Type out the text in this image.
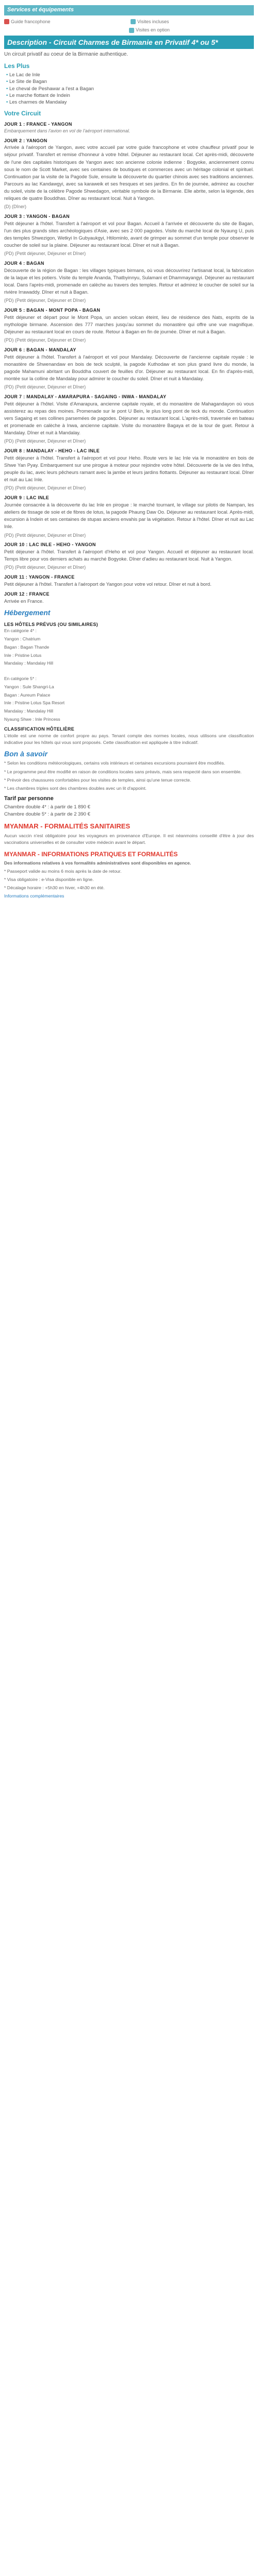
Services et équipements
Guide francophone	Visites incluses
Visites en option
Description - Circuit Charmes de Birmanie en Privatif 4* ou 5*
Un circuit privatif au coeur de la Birmanie authentique.
Les Plus
• Le Lac de Inle
• Le Site de Bagan
• Le cheval de Peshawar a l'est a Bagan
• Le marche flottant de Indein
• Les charmes de Mandalay
Votre Circuit
JOUR 1 : FRANCE - YANGON
Embarquement dans l'avion en vol de l'aéroport international.
JOUR 2 : YANGON

Arrivée à l'aéroport de Yangon, avec votre accueil par votre guide francophone et votre chauffeur privatif pour le séjour privatif. Transfert et remise d'honneur à votre hôtel. Déjeuner au restaurant local. Cet après-midi, découverte de l'une des capitales historiques de Yangon avec son ancienne colonie indienne : Bogyoke, anciennement connu sous le nom de Scott Market, avec ses centaines de boutiques et commerces avec un héritage colonial et spirituel. Continuation par la visite de la Pagode Sule, ensuite la découverte du quartier chinois avec ses traditions anciennes. Parcours au lac Kandawgyi, avec sa karaweik et ses fresques et ses jardins. En fin de journée, admirez au coucher du soleil, visite de la célèbre Pagode Shwedagon, véritable symbole de la Birmanie. Elle abrite, selon la légende, des reliques de quatre Bouddhas. Dîner au restaurant local. Nuit à Yangon.

(D) (Dîner)
JOUR 3 : YANGON - BAGAN

Petit déjeuner à l'hôtel. Transfert à l'aéroport et vol pour Bagan. Accueil à l'arrivée et découverte du site de Bagan, l'un des plus grands sites archéologiques d'Asie, avec ses 2 000 pagodes. Visite du marché local de Nyaung U, puis des temples Shwezigon, Wetkyi In Gubyaukgyi, Htilominlo, avant de grimper au sommet d'un temple pour observer le coucher de soleil sur la plaine. Déjeuner au restaurant local. Dîner et nuit à Bagan.

(PD) (Petit déjeuner, Déjeuner et Dîner)
JOUR 4 : BAGAN

Découverte de la région de Bagan : les villages typiques birmans, où vous découvrirez l'artisanat local, la fabrication de la laque et les potiers. Visite du temple Ananda, Thatbyinnyu, Sulamani et Dhammayangyi. Déjeuner au restaurant local. Dans l'après-midi, promenade en calèche au travers des temples. Retour et admirez le coucher de soleil sur la rivière Irrawaddy. Dîner et nuit à Bagan.

(PD) (Petit déjeuner, Déjeuner et Dîner)
JOUR 5 : BAGAN - MONT POPA - BAGAN

Petit déjeuner et départ pour le Mont Popa, un ancien volcan éteint, lieu de résidence des Nats, esprits de la mythologie birmane. Ascension des 777 marches jusqu'au sommet du monastère qui offre une vue magnifique. Déjeuner au restaurant local en cours de route. Retour à Bagan en fin de journée. Dîner et nuit à Bagan.

(PD) (Petit déjeuner, Déjeuner et Dîner)
JOUR 6 : BAGAN - MANDALAY

Petit déjeuner à l'hôtel. Transfert à l'aéroport et vol pour Mandalay. Découverte de l'ancienne capitale royale : le monastère de Shwenandaw en bois de teck sculpté, la pagode Kuthodaw et son plus grand livre du monde, la pagode Mahamuni abritant un Bouddha couvert de feuilles d'or. Déjeuner au restaurant local. En fin d'après-midi, montée sur la colline de Mandalay pour admirer le coucher du soleil. Dîner et nuit à Mandalay.

(PD) (Petit déjeuner, Déjeuner et Dîner)
JOUR 7 : MANDALAY - AMARAPURA - SAGAING - INWA - MANDALAY

Petit déjeuner à l'hôtel. Visite d'Amarapura, ancienne capitale royale, et du monastère de Mahagandayon où vous assisterez au repas des moines. Promenade sur le pont U Bein, le plus long pont de teck du monde. Continuation vers Sagaing et ses collines parsemées de pagodes. Déjeuner au restaurant local. L'après-midi, traversée en bateau et promenade en calèche à Inwa, ancienne capitale. Visite du monastère Bagaya et de la tour de guet. Retour à Mandalay. Dîner et nuit à Mandalay.

(PD) (Petit déjeuner, Déjeuner et Dîner)
JOUR 8 : MANDALAY - HEHO - LAC INLE

Petit déjeuner à l'hôtel. Transfert à l'aéroport et vol pour Heho. Route vers le lac Inle via le monastère en bois de Shwe Yan Pyay. Embarquement sur une pirogue à moteur pour rejoindre votre hôtel. Découverte de la vie des Intha, peuple du lac, avec leurs pêcheurs ramant avec la jambe et leurs jardins flottants. Déjeuner au restaurant local. Dîner et nuit au Lac Inle.

(PD) (Petit déjeuner, Déjeuner et Dîner)
JOUR 9 : LAC INLE

Journée consacrée à la découverte du lac Inle en pirogue : le marché tournant, le village sur pilotis de Nampan, les ateliers de tissage de soie et de fibres de lotus, la pagode Phaung Daw Oo. Déjeuner au restaurant local. Après-midi, excursion à Indein et ses centaines de stupas anciens envahis par la végétation. Retour à l'hôtel. Dîner et nuit au Lac Inle.

(PD) (Petit déjeuner, Déjeuner et Dîner)
JOUR 10 : LAC INLE - HEHO - YANGON

Petit déjeuner à l'hôtel. Transfert à l'aéroport d'Heho et vol pour Yangon. Accueil et déjeuner au restaurant local. Temps libre pour vos derniers achats au marché Bogyoke. Dîner d'adieu au restaurant local. Nuit à Yangon.

(PD) (Petit déjeuner, Déjeuner et Dîner)
JOUR 11 : YANGON - FRANCE

Petit déjeuner à l'hôtel. Transfert à l'aéroport de Yangon pour votre vol retour. Dîner et nuit à bord.

JOUR 12 : FRANCE

Arrivée en France.

Hébergement
LES HÔTELS PRÉVUS (OU SIMILAIRES)
En catégorie 4* :
Yangon : Chatrium
Bagan : Bagan Thande
Inle : Pristine Lotus
Mandalay : Mandalay Hill
En catégorie 5* :
Yangon : Sule Shangri-La
Bagan : Aureum Palace
Inle : Pristine Lotus Spa Resort
Mandalay : Mandalay Hill
Nyaung Shwe : Inle Princess
CLASSIFICATION HÔTELIÈRE

L'étoile est une norme de confort propre au pays. Tenant compte des normes locales, nous utilisons une classification indicative pour les hôtels qui vous sont proposés. Cette classification est appliquée à titre indicatif.

Bon à savoir

* Selon les conditions météorologiques, certains vols intérieurs et certaines excursions pourraient être modifiés.

* Le programme peut être modifié en raison de conditions locales sans préavis, mais sera respecté dans son ensemble.

* Prévoir des chaussures confortables pour les visites de temples, ainsi qu'une tenue correcte.

* Les chambres triples sont des chambres doubles avec un lit d'appoint.

Tarif par personne
Chambre double 4* : à partir de 1 890 €
Chambre double 5* : à partir de 2 390 €
MYANMAR - FORMALITÉS SANITAIRES

Aucun vaccin n'est obligatoire pour les voyageurs en provenance d'Europe. Il est néanmoins conseillé d'être à jour des vaccinations universelles et de consulter votre médecin avant le départ.

MYANMAR - INFORMATIONS PRATIQUES ET FORMALITÉS

Des informations relatives à vos formalités administratives sont disponibles en agence.

* Passeport valide au moins 6 mois après la date de retour.

* Visa obligatoire : e-Visa disponible en ligne.

* Décalage horaire : +5h30 en hiver, +4h30 en été.

Informations complémentaires
